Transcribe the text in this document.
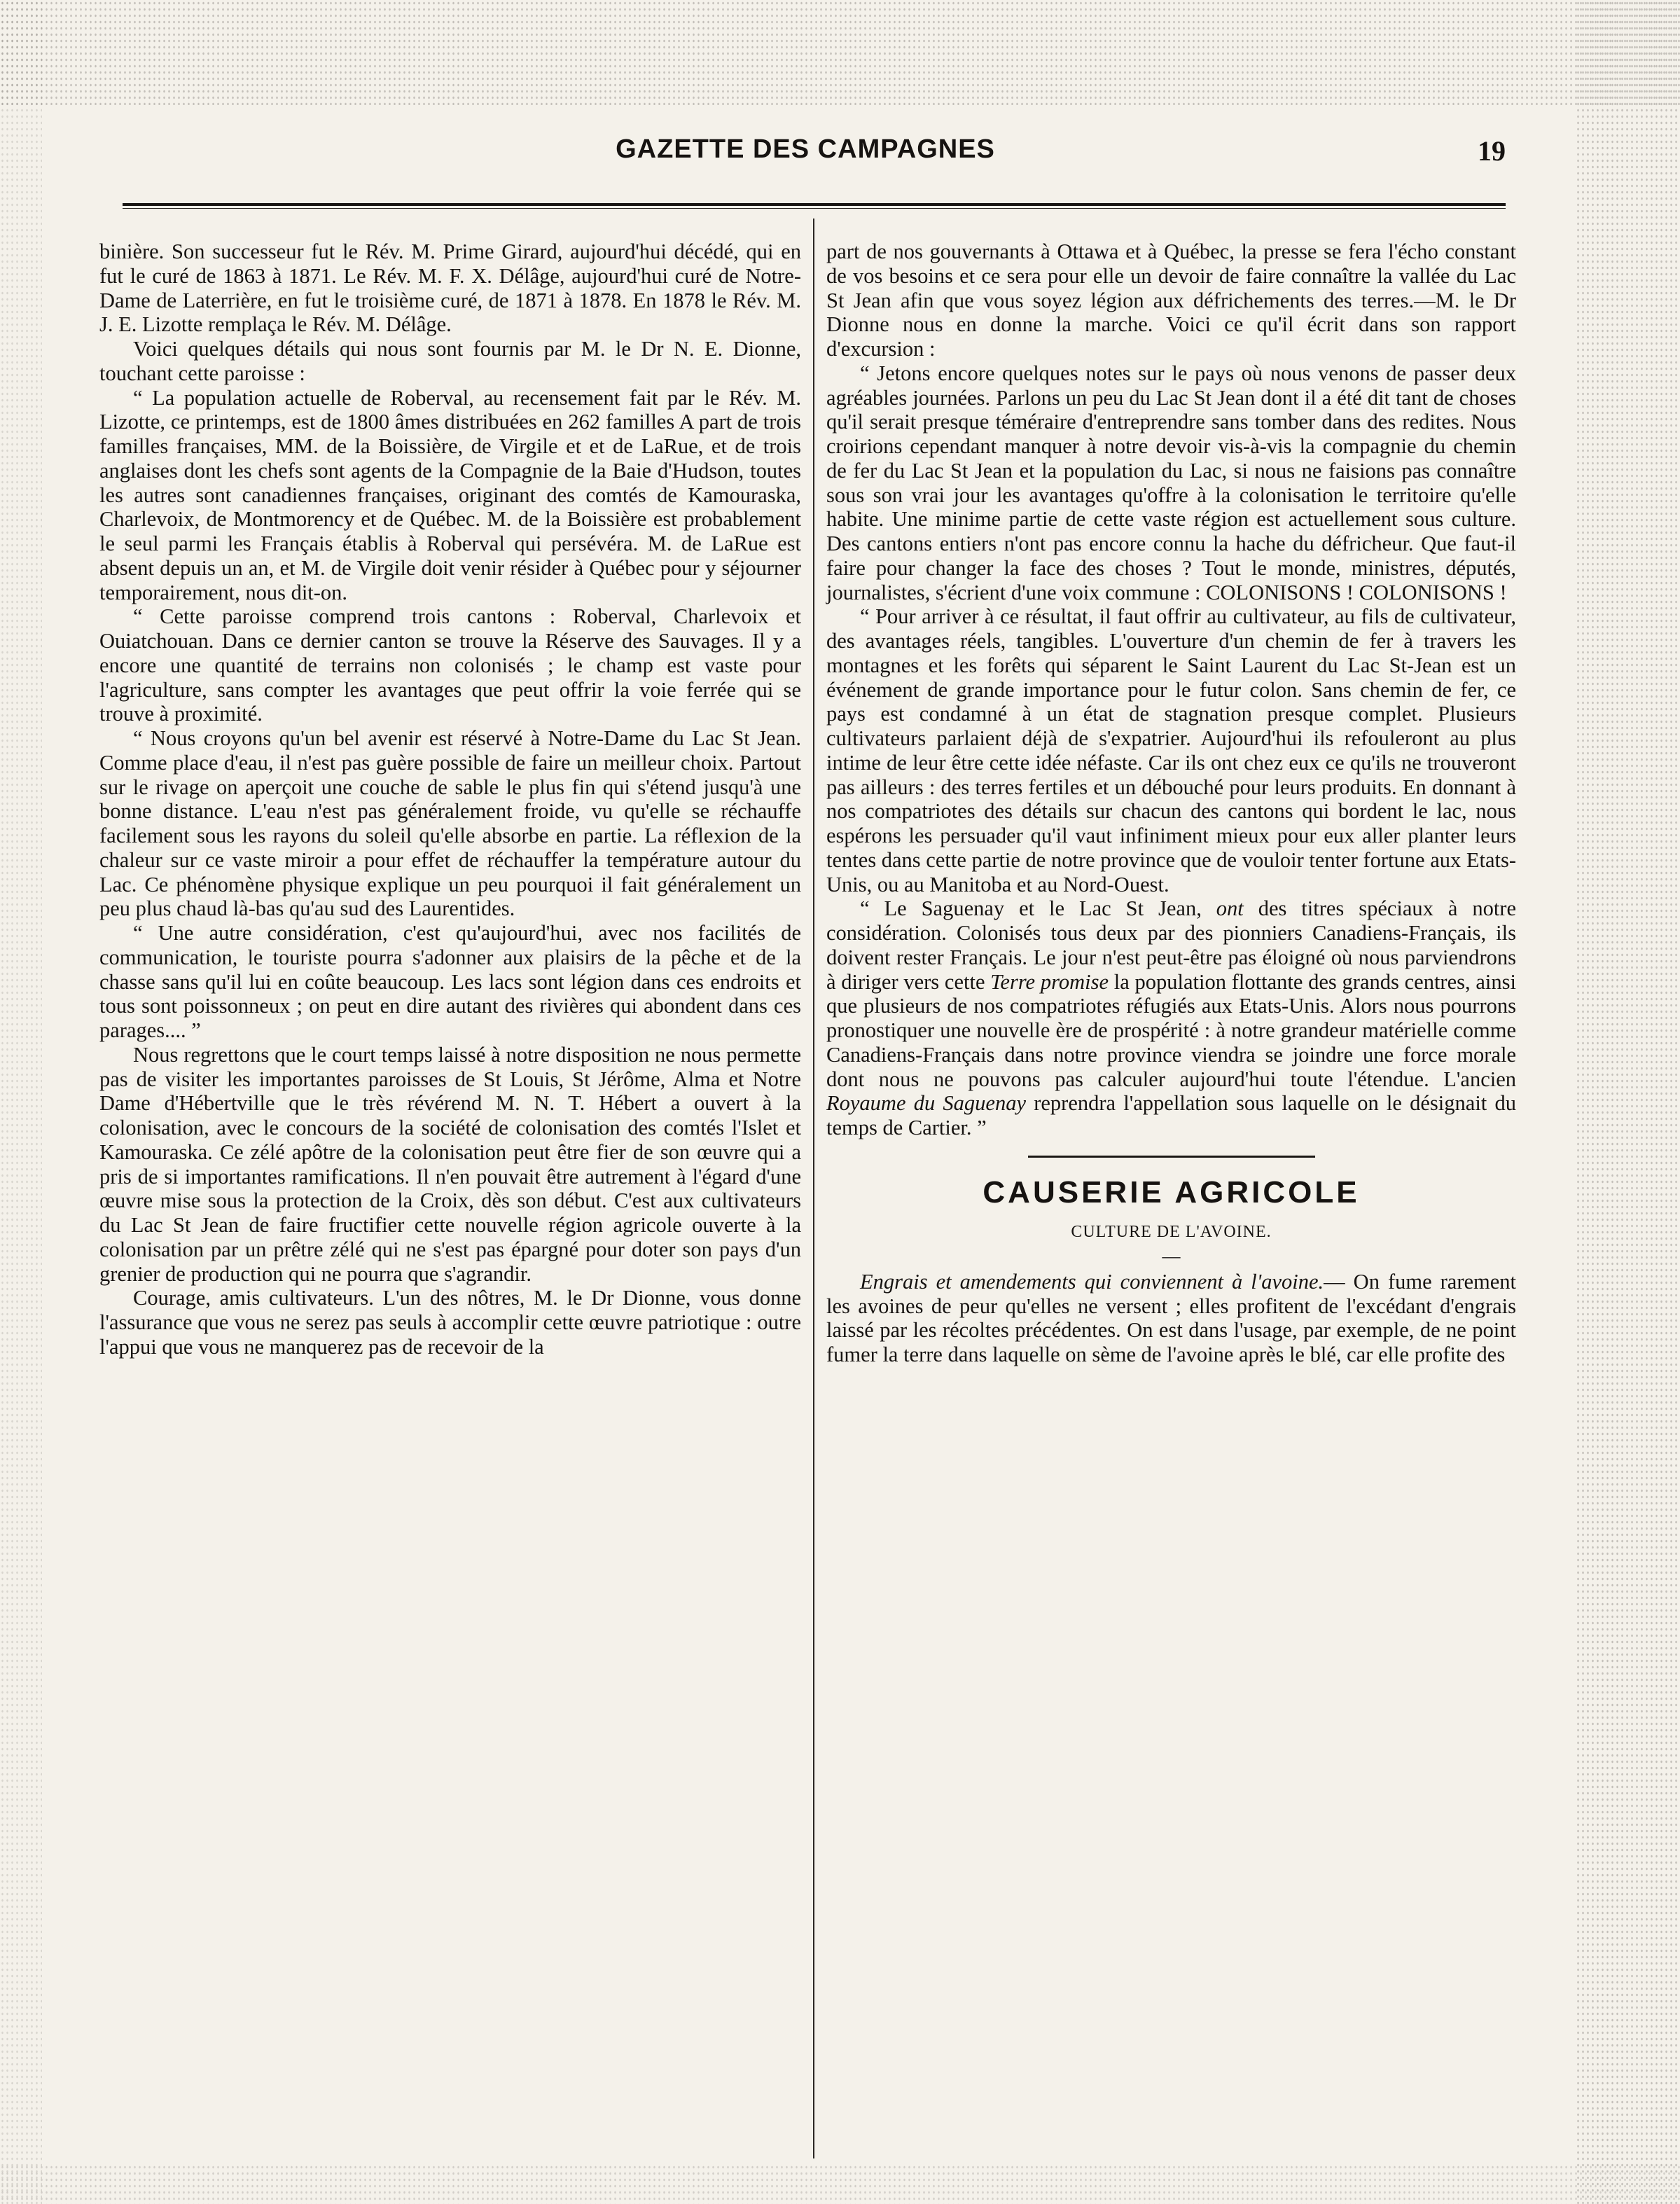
GAZETTE DES CAMPAGNES	19

binière. Son successeur fut le Rév. M. Prime Girard, aujourd'hui décédé, qui en fut le curé de 1863 à 1871. Le Rév. M. F. X. Délâge, aujourd'hui curé de Notre-Dame de Laterrière, en fut le troisième curé, de 1871 à 1878. En 1878 le Rév. M. J. E. Lizotte remplaça le Rév. M. Délâge.

Voici quelques détails qui nous sont fournis par M. le Dr N. E. Dionne, touchant cette paroisse :

“ La population actuelle de Roberval, au recensement fait par le Rév. M. Lizotte, ce printemps, est de 1800 âmes distribuées en 262 familles A part de trois familles françaises, MM. de la Boissière, de Virgile et et de LaRue, et de trois anglaises dont les chefs sont agents de la Compagnie de la Baie d'Hudson, toutes les autres sont canadiennes françaises, originant des comtés de Kamouraska, Charlevoix, de Montmorency et de Québec. M. de la Boissière est probablement le seul parmi les Français établis à Roberval qui persévéra. M. de LaRue est absent depuis un an, et M. de Virgile doit venir résider à Québec pour y séjourner temporairement, nous dit-on.

“ Cette paroisse comprend trois cantons : Roberval, Charlevoix et Ouiatchouan. Dans ce dernier canton se trouve la Réserve des Sauvages. Il y a encore une quantité de terrains non colonisés ; le champ est vaste pour l'agriculture, sans compter les avantages que peut offrir la voie ferrée qui se trouve à proximité.

“ Nous croyons qu'un bel avenir est réservé à Notre-Dame du Lac St Jean. Comme place d'eau, il n'est pas guère possible de faire un meilleur choix. Partout sur le rivage on aperçoit une couche de sable le plus fin qui s'étend jusqu'à une bonne distance. L'eau n'est pas généralement froide, vu qu'elle se réchauffe facilement sous les rayons du soleil qu'elle absorbe en partie. La réflexion de la chaleur sur ce vaste miroir a pour effet de réchauffer la température autour du Lac. Ce phénomène physique explique un peu pourquoi il fait généralement un peu plus chaud là-bas qu'au sud des Laurentides.

“ Une autre considération, c'est qu'aujourd'hui, avec nos facilités de communication, le touriste pourra s'adonner aux plaisirs de la pêche et de la chasse sans qu'il lui en coûte beaucoup. Les lacs sont légion dans ces endroits et tous sont poissonneux ; on peut en dire autant des rivières qui abondent dans ces parages.... ”

Nous regrettons que le court temps laissé à notre disposition ne nous permette pas de visiter les importantes paroisses de St Louis, St Jérôme, Alma et Notre Dame d'Hébertville que le très révérend M. N. T. Hébert a ouvert à la colonisation, avec le concours de la société de colonisation des comtés l'Islet et Kamouraska. Ce zélé apôtre de la colonisation peut être fier de son œuvre qui a pris de si importantes ramifications. Il n'en pouvait être autrement à l'égard d'une œuvre mise sous la protection de la Croix, dès son début. C'est aux cultivateurs du Lac St Jean de faire fructifier cette nouvelle région agricole ouverte à la colonisation par un prêtre zélé qui ne s'est pas épargné pour doter son pays d'un grenier de production qui ne pourra que s'agrandir.

Courage, amis cultivateurs. L'un des nôtres, M. le Dr Dionne, vous donne l'assurance que vous ne serez pas seuls à accomplir cette œuvre patriotique : outre l'appui que vous ne manquerez pas de recevoir de la

part de nos gouvernants à Ottawa et à Québec, la presse se fera l'écho constant de vos besoins et ce sera pour elle un devoir de faire connaître la vallée du Lac St Jean afin que vous soyez légion aux défrichements des terres.—M. le Dr Dionne nous en donne la marche. Voici ce qu'il écrit dans son rapport d'excursion :

“ Jetons encore quelques notes sur le pays où nous venons de passer deux agréables journées. Parlons un peu du Lac St Jean dont il a été dit tant de choses qu'il serait presque téméraire d'entreprendre sans tomber dans des redites. Nous croirions cependant manquer à notre devoir vis-à-vis la compagnie du chemin de fer du Lac St Jean et la population du Lac, si nous ne faisions pas connaître sous son vrai jour les avantages qu'offre à la colonisation le territoire qu'elle habite. Une minime partie de cette vaste région est actuellement sous culture. Des cantons entiers n'ont pas encore connu la hache du défricheur. Que faut-il faire pour changer la face des choses ? Tout le monde, ministres, députés, journalistes, s'écrient d'une voix commune : COLONISONS ! COLONISONS !

“ Pour arriver à ce résultat, il faut offrir au cultivateur, au fils de cultivateur, des avantages réels, tangibles. L'ouverture d'un chemin de fer à travers les montagnes et les forêts qui séparent le Saint Laurent du Lac St-Jean est un événement de grande importance pour le futur colon. Sans chemin de fer, ce pays est condamné à un état de stagnation presque complet. Plusieurs cultivateurs parlaient déjà de s'expatrier. Aujourd'hui ils refouleront au plus intime de leur être cette idée néfaste. Car ils ont chez eux ce qu'ils ne trouveront pas ailleurs : des terres fertiles et un débouché pour leurs produits. En donnant à nos compatriotes des détails sur chacun des cantons qui bordent le lac, nous espérons les persuader qu'il vaut infiniment mieux pour eux aller planter leurs tentes dans cette partie de notre province que de vouloir tenter fortune aux Etats-Unis, ou au Manitoba et au Nord-Ouest.

“ Le Saguenay et le Lac St Jean, ont des titres spéciaux à notre considération. Colonisés tous deux par des pionniers Canadiens-Français, ils doivent rester Français. Le jour n'est peut-être pas éloigné où nous parviendrons à diriger vers cette Terre promise la population flottante des grands centres, ainsi que plusieurs de nos compatriotes réfugiés aux Etats-Unis. Alors nous pourrons pronostiquer une nouvelle ère de prospérité : à notre grandeur matérielle comme Canadiens-Français dans notre province viendra se joindre une force morale dont nous ne pouvons pas calculer aujourd'hui toute l'étendue. L'ancien Royaume du Saguenay reprendra l'appellation sous laquelle on le désignait du temps de Cartier. ”

CAUSERIE AGRICOLE
CULTURE DE L'AVOINE.
—

Engrais et amendements qui conviennent à l'avoine.— On fume rarement les avoines de peur qu'elles ne versent ; elles profitent de l'excédant d'engrais laissé par les récoltes précédentes. On est dans l'usage, par exemple, de ne point fumer la terre dans laquelle on sème de l'avoine après le blé, car elle profite des
